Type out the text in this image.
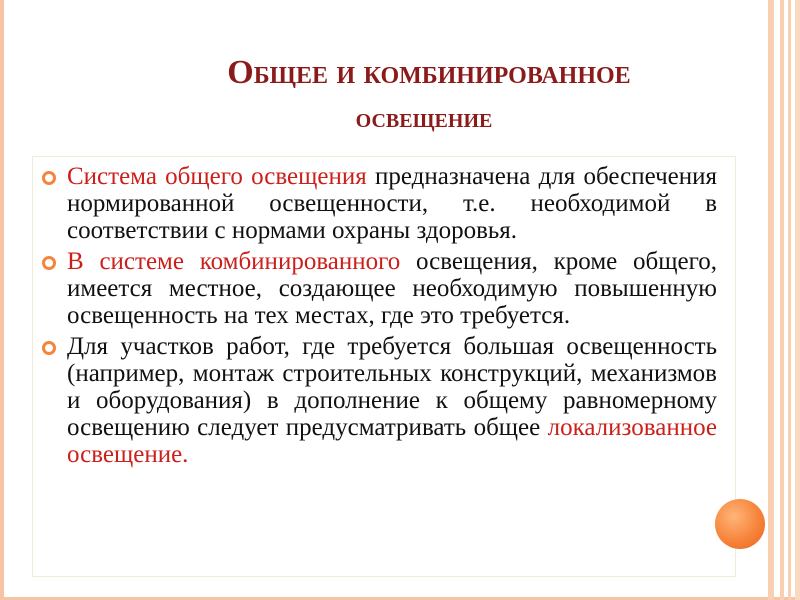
Общее и комбинированное
освещение
Система общего освещения предназначена для обеспечения нормированной освещенности, т.е. необходимой в соответствии с нормами охраны здоровья.
В системе комбинированного освещения, кроме общего, имеется местное, создающее необходимую повышенную освещенность на тех местах, где это требуется.
Для участков работ, где требуется большая освещенность (например, монтаж строительных конструкций, механизмов и оборудования) в дополнение к общему равномерному освещению следует предусматривать общее локализованное освещение.
